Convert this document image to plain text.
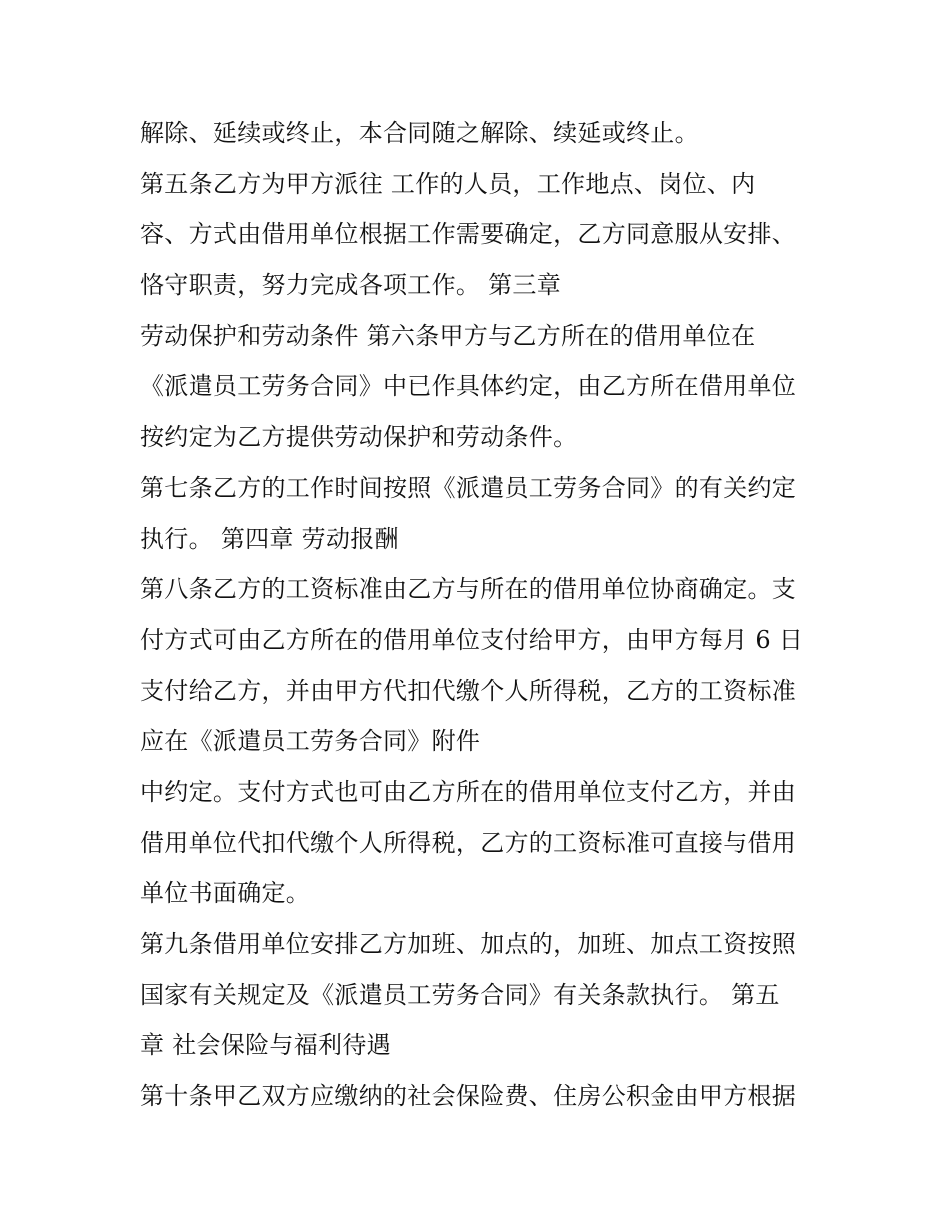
解除、延续或终止，本合同随之解除、续延或终止。
第五条乙方为甲方派往 工作的人员，工作地点、岗位、内
容、方式由借用单位根据工作需要确定，乙方同意服从安排、
恪守职责，努力完成各项工作。 第三章
劳动保护和劳动条件 第六条甲方与乙方所在的借用单位在
《派遣员工劳务合同》中已作具体约定，由乙方所在借用单位
按约定为乙方提供劳动保护和劳动条件。
第七条乙方的工作时间按照《派遣员工劳务合同》的有关约定
执行。 第四章 劳动报酬
第八条乙方的工资标准由乙方与所在的借用单位协商确定。支
付方式可由乙方所在的借用单位支付给甲方，由甲方每月 6 日
支付给乙方，并由甲方代扣代缴个人所得税，乙方的工资标准
应在《派遣员工劳务合同》附件
中约定。支付方式也可由乙方所在的借用单位支付乙方，并由
借用单位代扣代缴个人所得税，乙方的工资标准可直接与借用
单位书面确定。
第九条借用单位安排乙方加班、加点的，加班、加点工资按照
国家有关规定及《派遣员工劳务合同》有关条款执行。 第五
章 社会保险与福利待遇
第十条甲乙双方应缴纳的社会保险费、住房公积金由甲方根据
